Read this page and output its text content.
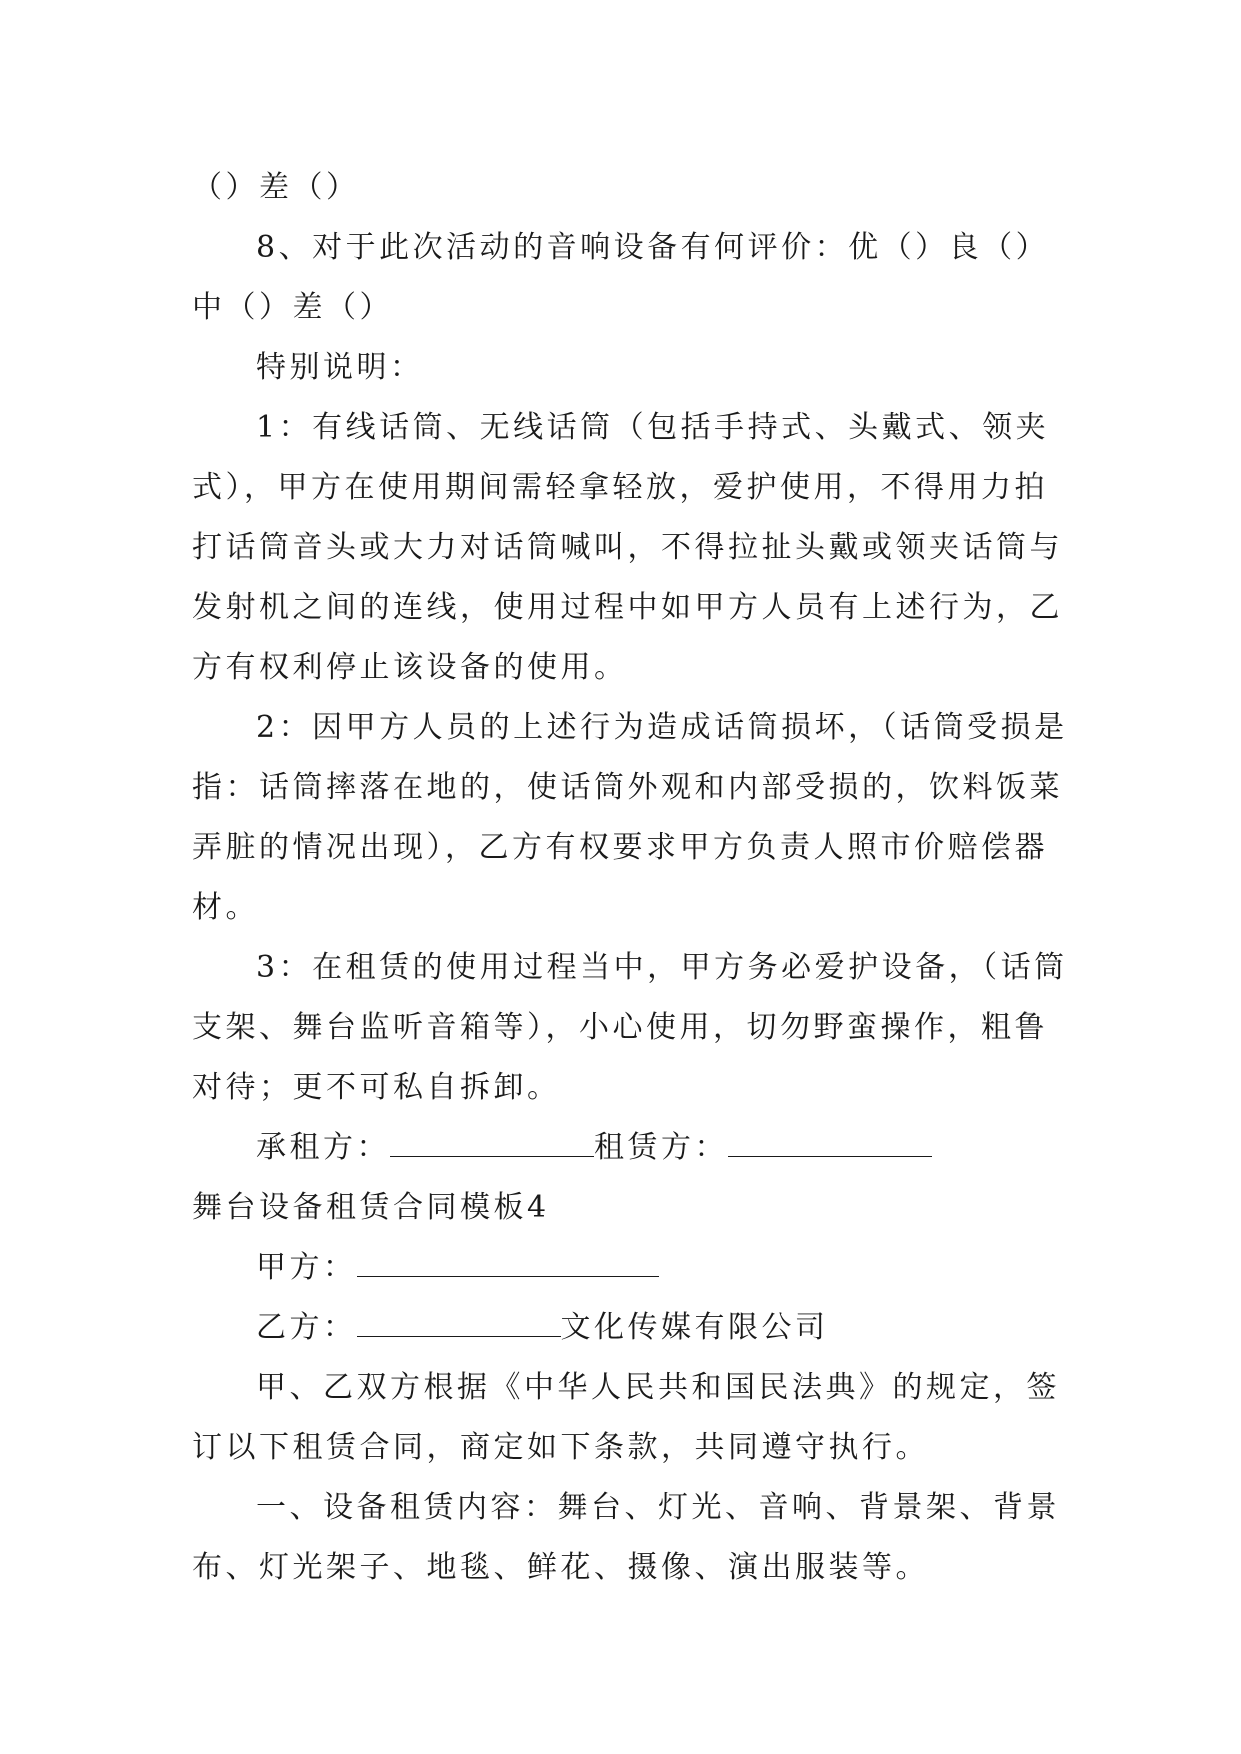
（）差（）
8、对于此次活动的音响设备有何评价：优（）良（）
中（）差（）
特别说明：
1：有线话筒、无线话筒（包括手持式、头戴式、领夹
式），甲方在使用期间需轻拿轻放，爱护使用，不得用力拍
打话筒音头或大力对话筒喊叫，不得拉扯头戴或领夹话筒与
发射机之间的连线，使用过程中如甲方人员有上述行为，乙
方有权利停止该设备的使用。
2：因甲方人员的上述行为造成话筒损坏，（话筒受损是
指：话筒摔落在地的，使话筒外观和内部受损的，饮料饭菜
弄脏的情况出现），乙方有权要求甲方负责人照市价赔偿器
材。
3：在租赁的使用过程当中，甲方务必爱护设备，（话筒
支架、舞台监听音箱等），小心使用，切勿野蛮操作，粗鲁
对待；更不可私自拆卸。
承租方：	租赁方：
舞台设备租赁合同模板4
甲方：
乙方：	文化传媒有限公司
甲、乙双方根据《中华人民共和国民法典》的规定，签
订以下租赁合同，商定如下条款，共同遵守执行。
一、设备租赁内容：舞台、灯光、音响、背景架、背景
布、灯光架子、地毯、鲜花、摄像、演出服装等。
